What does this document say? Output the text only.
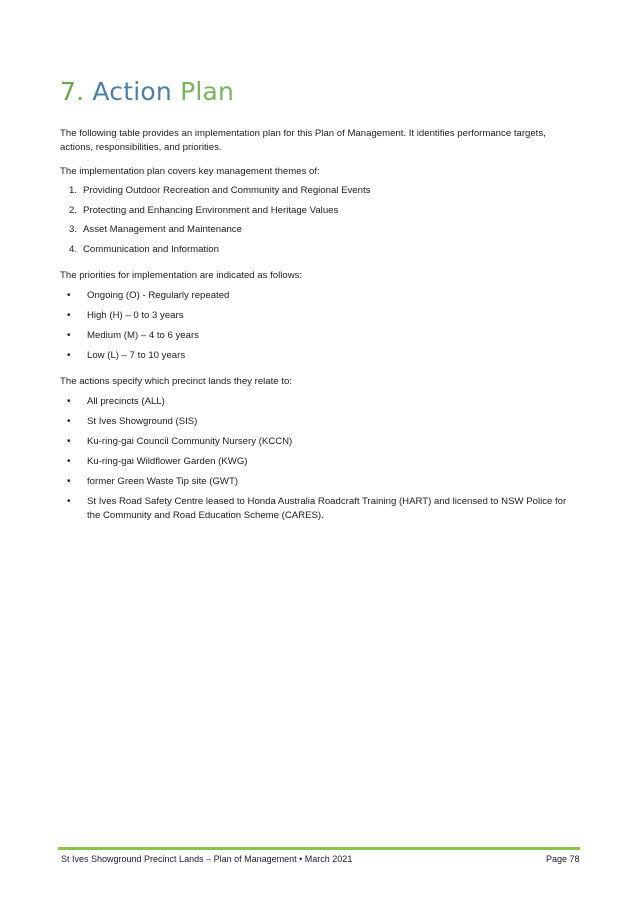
7. Action Plan

The following table provides an implementation plan for this Plan of Management. It identifies performance targets, actions, responsibilities, and priorities.

The implementation plan covers key management themes of:

1. Providing Outdoor Recreation and Community and Regional Events
2. Protecting and Enhancing Environment and Heritage Values
3. Asset Management and Maintenance
4. Communication and Information

The priorities for implementation are indicated as follows:

• Ongoing (O) - Regularly repeated
• High (H) – 0 to 3 years
• Medium (M) – 4 to 6 years
• Low (L) – 7 to 10 years

The actions specify which precinct lands they relate to:

• All precincts (ALL)
• St Ives Showground (SIS)
• Ku-ring-gai Council Community Nursery (KCCN)
• Ku-ring-gai Wildflower Garden (KWG)
• former Green Waste Tip site (GWT)
• St Ives Road Safety Centre leased to Honda Australia Roadcraft Training (HART) and licensed to NSW Police for the Community and Road Education Scheme (CARES).
St Ives Showground Precinct Lands – Plan of Management • March 2021	Page 78
